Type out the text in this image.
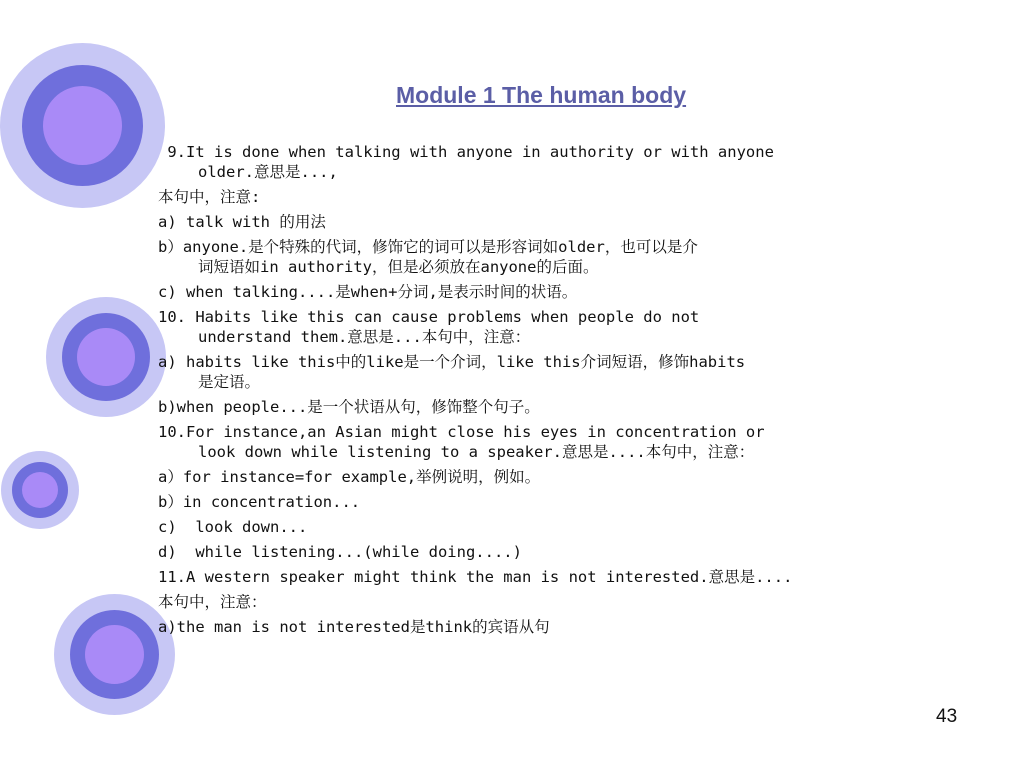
Module 1 The human body
9.It is done when talking with anyone in authority or with anyone
older.意思是...,
本句中，注意:
a) talk with 的用法
b）anyone.是个特殊的代词，修饰它的词可以是形容词如older，也可以是介
词短语如in authority，但是必须放在anyone的后面。
c) when talking....是when+分词,是表示时间的状语。
10. Habits like this can cause problems when people do not
understand them.意思是...本句中，注意：
a) habits like this中的like是一个介词，like this介词短语，修饰habits
是定语。
b)when people...是一个状语从句，修饰整个句子。
10.For instance,an Asian might close his eyes in concentration or
look down while listening to a speaker.意思是....本句中，注意：
a）for instance=for example,举例说明，例如。
b）in concentration...
c)  look down...
d)  while listening...(while doing....)
11.A western speaker might think the man is not interested.意思是....
本句中，注意：
a)the man is not interested是think的宾语从句
43
